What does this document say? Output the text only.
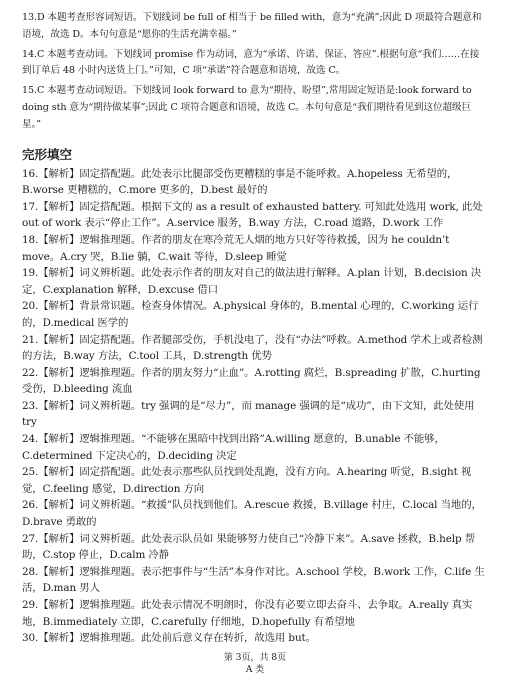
13.D 本题考查形容词短语。下划线词 be full of 相当于 be filled with，意为“充满”;因此 D 项最符合题意和语境，故选 D。本句句意是“愿你的生活充满幸福。”

14.C 本题考查动词。下划线词 promise 作为动词，意为“承诺、许诺、保证、答应”.根据句意“我们……在接到订单后 48 小时内送货上门。”可知，C 项“承诺”符合题意和语境，故选 C。

15.C 本题考查动词短语。下划线词 look forward to 意为“期待、盼望”,常用固定短语是:look forward to doing sth 意为“期待做某事”;因此 C 项符合题意和语境，故选 C。本句句意是“我们期待看见到这位超级巨星。”

完形填空

16.【解析】固定搭配题。此处表示比腿部受伤更糟糕的事是不能呼救。A.hopeless 无希望的，B.worse 更糟糕的，C.more 更多的，D.best 最好的

17.【解析】固定搭配题。根据下文的 as a result of exhausted battery. 可知此处选用 work, 此处 out of work 表示“停止工作”。A.service 服务，B.way 方法，C.road 道路，D.work 工作

18.【解析】逻辑推理题。作者的朋友在寒冷荒无人烟的地方只好等待救援，因为 he couldn’t move。A.cry 哭，B.lie 躺，C.wait 等待，D.sleep 睡觉

19.【解析】词义辨析题。此处表示作者的朋友对自己的做法进行解释。A.plan 计划，B.decision 决定，C.explanation 解释，D.excuse 借口

20.【解析】背景常识题。检查身体情况。A.physical 身体的，B.mental 心理的，C.working 运行的，D.medical 医学的

21.【解析】固定搭配题。作者腿部受伤，手机没电了，没有“办法”呼救。A.method 学术上或者检测的方法，B.way 方法，C.tool 工具，D.strength 优势

22.【解析】逻辑推理题。作者的朋友努力“止血”。A.rotting 腐烂，B.spreading 扩散，C.hurting 受伤，D.bleeding 流血

23.【解析】词义辨析题。try 强调的是“尽力”，而 manage 强调的是“成功”，由下文知，此处使用 try

24.【解析】逻辑推理题。“不能够在黑暗中找到出路”A.willing 愿意的，B.unable 不能够，C.determined 下定决心的，D.deciding 决定

25.【解析】固定搭配题。此处表示那些队员找到处乱跑，没有方向。A.hearing 听觉，B.sight 视觉，C.feeling 感觉，D.direction 方向

26.【解析】词义辨析题。“救援”队员找到他们。A.rescue 救援，B.village 村庄，C.local 当地的，D.brave 勇敢的

27.【解析】词义辨析题。此处表示队员如 果能够努力使自己“冷静下来”。A.save 拯救，B.help 帮助，C.stop 停止，D.calm 冷静

28.【解析】逻辑推理题。表示把事件与“生活”本身作对比。A.school 学校，B.work 工作，C.life 生活，D.man 男人

29.【解析】逻辑推理题。此处表示情况不明朗时，你没有必要立即去奋斗、去争取。A.really 真实地，B.immediately 立即，C.carefully 仔细地，D.hopefully 有希望地

30.【解析】逻辑推理题。此处前后意义存在转折，故选用 but。

第 3页，共 8页
A 类
